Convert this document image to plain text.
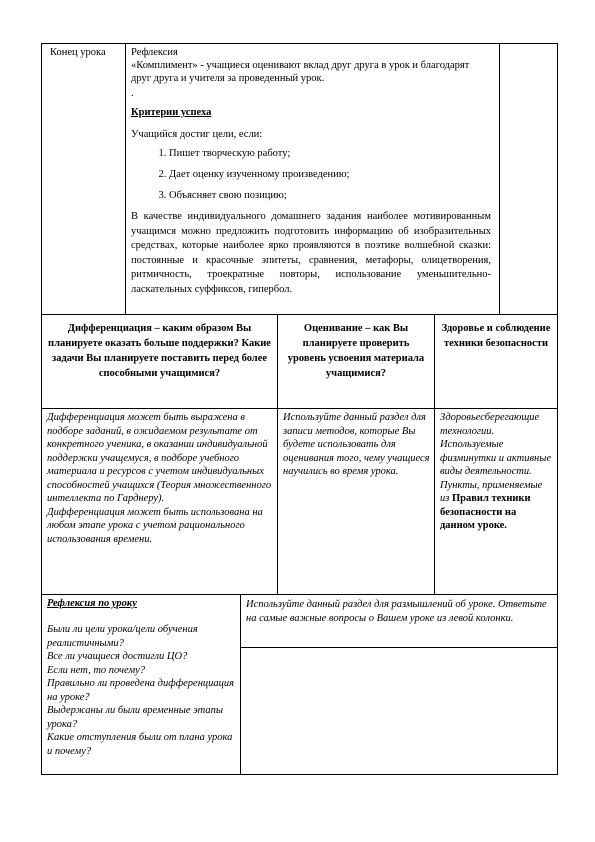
Конец урока Рефлексия

«Комплимент» - учащиеся оценивают вклад друг друга в урок и благодарят друг друга и учителя за проведенный урок.

.

Критерии успеха

Учащийся достиг цели, если:

1. Пишет творческую работу;
2. Дает оценку изученному произведению;
3. Объясняет свою позицию;

В качестве индивидуального домашнего задания наиболее мотивированным учащимся можно предложить подготовить информацию об изобразительных средствах, которые наиболее ярко проявляются в поэтике волшебной сказки: постоянные и красочные эпитеты, сравнения, метафоры, олицетворения, ритмичность, троекратные повторы, использование уменьшительно-ласкательных суффиксов, гипербол.

Дифференциация – каким образом Вы планируете оказать больше поддержки? Какие задачи Вы планируете поставить перед более способными учащимися?
Оценивание – как Вы планируете проверить уровень усвоения материала учащимися?
Здоровье и соблюдение техники безопасности
Дифференциация может быть выражена в подборе заданий, в ожидаемом результате от конкретного ученика, в оказании индивидуальной поддержки учащемуся, в подборе учебного материала и ресурсов с учетом индивидуальных способностей учащихся (Теория множественного интеллекта по Гарднеру).
Дифференциация может быть использована на любом этапе урока с учетом рационального использования времени.
Используйте данный раздел для записи методов, которые Вы будете использовать для оценивания того, чему учащиеся научились во время урока.
Здоровьесберегающие технологии. Используемые физминутки и активные виды деятельности. Пункты, применяемые из Правил техники безопасности на данном уроке.
Рефлексия по уроку
Были ли цели урока/цели обучения реалистичными?
Все ли учащиеся достигли ЦО?
Если нет, то почему?
Правильно ли проведена дифференциация на уроке?
Выдержаны ли были временные этапы урока?
Какие отступления были от плана урока и почему?
Используйте данный раздел для размышлений об уроке. Ответьте на самые важные вопросы о Вашем уроке из левой колонки.
